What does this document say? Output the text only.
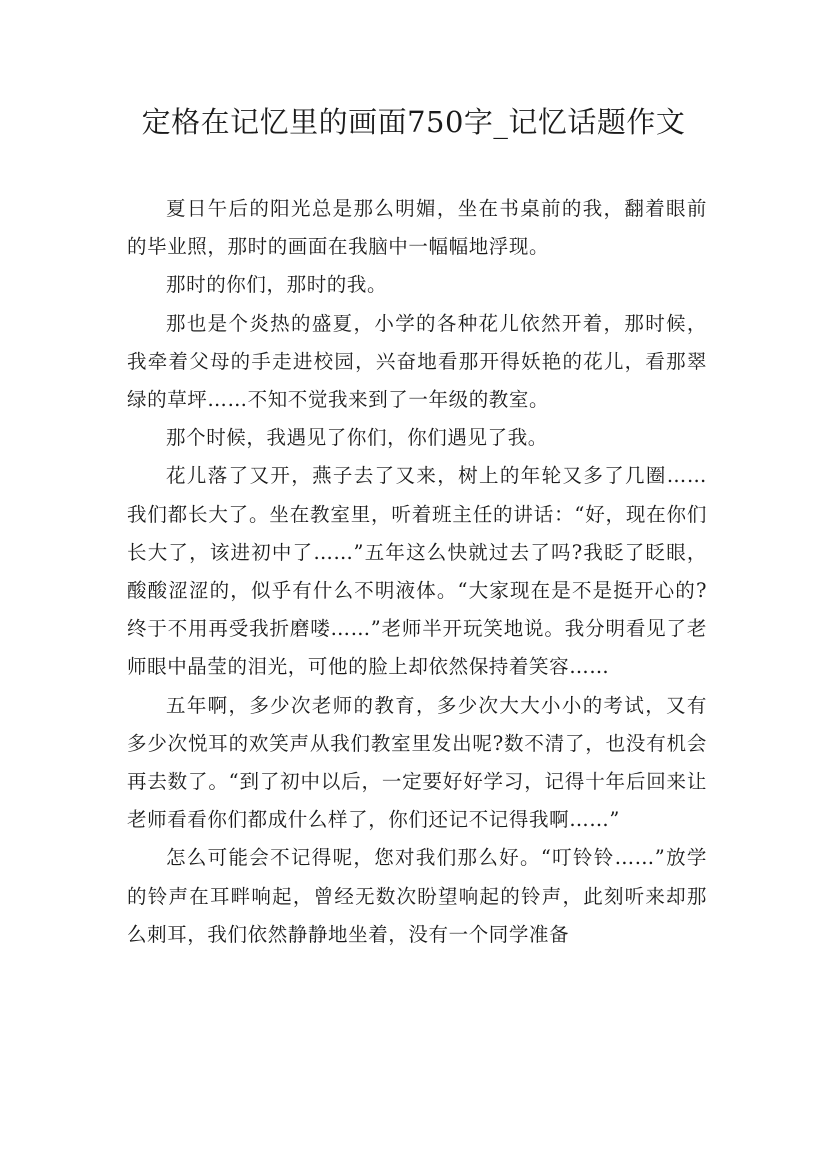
定格在记忆里的画面750字_记忆话题作文

夏日午后的阳光总是那么明媚，坐在书桌前的我，翻着眼前的毕业照，那时的画面在我脑中一幅幅地浮现。

那时的你们，那时的我。

那也是个炎热的盛夏，小学的各种花儿依然开着，那时候，我牵着父母的手走进校园，兴奋地看那开得妖艳的花儿，看那翠绿的草坪……不知不觉我来到了一年级的教室。

那个时候，我遇见了你们，你们遇见了我。

花儿落了又开，燕子去了又来，树上的年轮又多了几圈……我们都长大了。坐在教室里，听着班主任的讲话：“好，现在你们长大了，该进初中了……”五年这么快就过去了吗?我眨了眨眼，酸酸涩涩的，似乎有什么不明液体。“大家现在是不是挺开心的?终于不用再受我折磨喽……”老师半开玩笑地说。我分明看见了老师眼中晶莹的泪光，可他的脸上却依然保持着笑容……

五年啊，多少次老师的教育，多少次大大小小的考试，又有多少次悦耳的欢笑声从我们教室里发出呢?数不清了，也没有机会再去数了。“到了初中以后，一定要好好学习，记得十年后回来让老师看看你们都成什么样了，你们还记不记得我啊……”

怎么可能会不记得呢，您对我们那么好。“叮铃铃……”放学的铃声在耳畔响起，曾经无数次盼望响起的铃声，此刻听来却那么刺耳，我们依然静静地坐着，没有一个同学准备
